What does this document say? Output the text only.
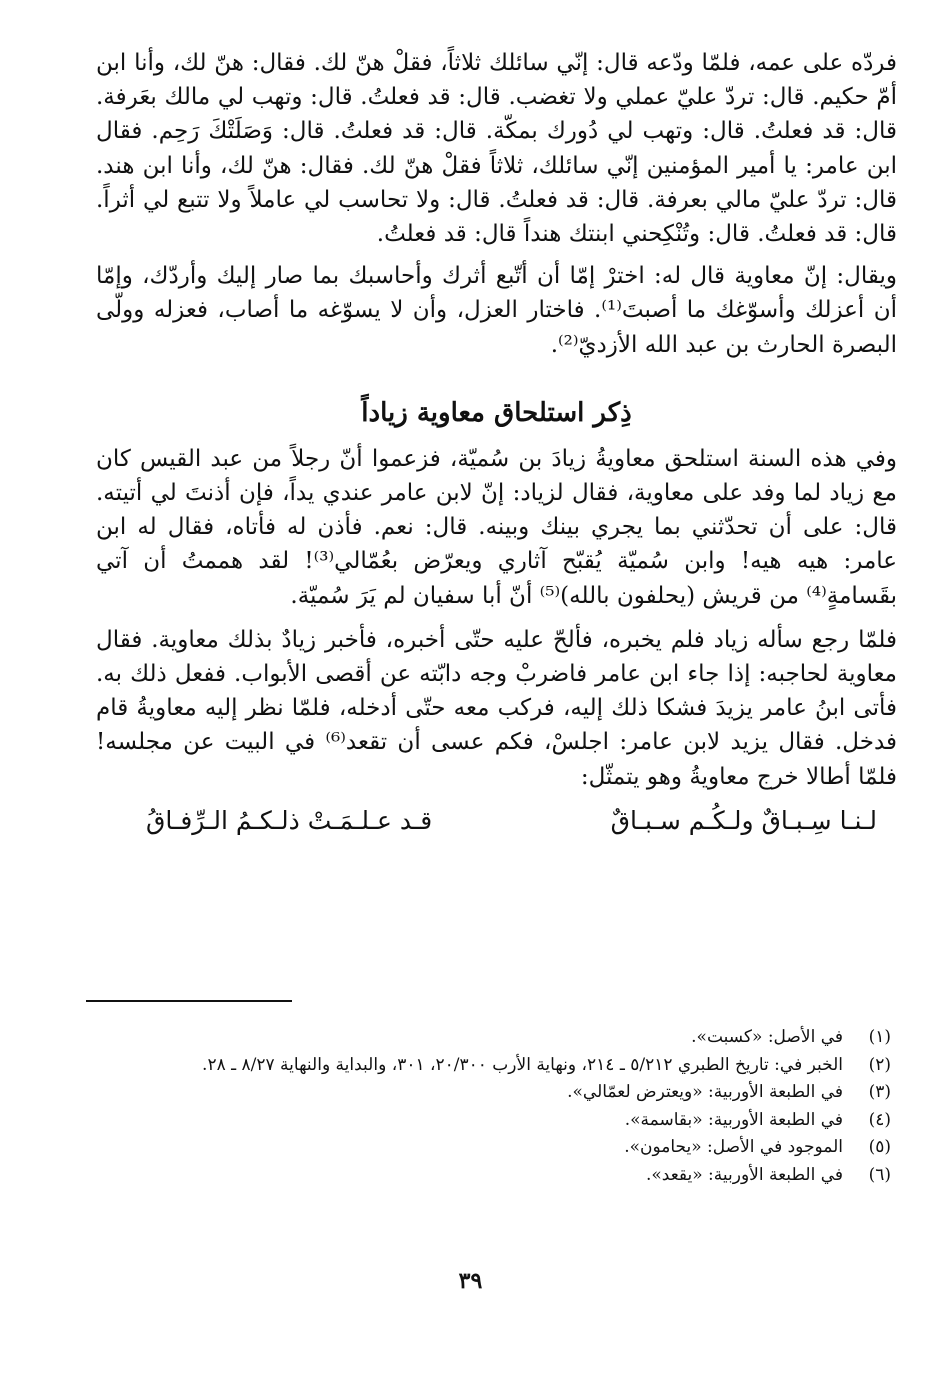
فردّه على عمه، فلمّا ودّعه قال: إنّي سائلك ثلاثاً، فقلْ هنّ لك. فقال: هنّ لك، وأنا ابن أمّ حكيم. قال: تردّ عليّ عملي ولا تغضب. قال: قد فعلتُ. قال: وتهب لي مالك بعَرفة. قال: قد فعلتُ. قال: وتهب لي دُورك بمكّة. قال: قد فعلتُ. قال: وَصَلَتْكَ رَحِم. فقال ابن عامر: يا أمير المؤمنين إنّي سائلك، ثلاثاً فقلْ هنّ لك. فقال: هنّ لك، وأنا ابن هند. قال: تردّ عليّ مالي بعرفة. قال: قد فعلتُ. قال: ولا تحاسب لي عاملاً ولا تتبع لي أثراً. قال: قد فعلتُ. قال: وتُنْكِحني ابنتك هنداً قال: قد فعلتُ.

ويقال: إنّ معاوية قال له: اخترْ إمّا أن أتّبع أثرك وأحاسبك بما صار إليك وأردّك، وإمّا أن أعزلك وأسوّغك ما أصبتَ⁽¹⁾. فاختار العزل، وأن لا يسوّغه ما أصاب، فعزله وولّى البصرة الحارث بن عبد الله الأزديّ⁽²⁾.

ذِكر استلحاق معاوية زياداً

وفي هذه السنة استلحق معاويةُ زيادَ بن سُميّة، فزعموا أنّ رجلاً من عبد القيس كان مع زياد لما وفد على معاوية، فقال لزياد: إنّ لابن عامر عندي يداً، فإن أذنتَ لي أتيته. قال: على أن تحدّثني بما يجري بينك وبينه. قال: نعم. فأذن له فأتاه، فقال له ابن عامر: هيه هيه! وابن سُميّة يُقبّح آثاري ويعرّض بعُمّالي⁽³⁾! لقد هممتُ أن آتي بقَسامةٍ⁽⁴⁾ من قريش (يحلفون بالله)⁽⁵⁾ أنّ أبا سفيان لم يَرَ سُميّة.

فلمّا رجع سأله زياد فلم يخبره، فألحّ عليه حتّى أخبره، فأخبر زيادٌ بذلك معاوية. فقال معاوية لحاجبه: إذا جاء ابن عامر فاضربْ وجه دابّته عن أقصى الأبواب. ففعل ذلك به. فأتى ابنُ عامر يزيدَ فشكا ذلك إليه، فركب معه حتّى أدخله، فلمّا نظر إليه معاويةُ قام فدخل. فقال يزيد لابن عامر: اجلسْ، فكم عسى أن تقعد⁽⁶⁾ في البيت عن مجلسه! فلمّا أطالا خرج معاويةُ وهو يتمثّل:

لـنـا سِـبـاقٌ ولـكُـم سـبـاقٌ
قـد عـلـمَـتْ ذلـكـمُ الـرِّفـاقُ
(١)
في الأصل: «كسبت».
(٢)
الخبر في: تاريخ الطبري ٥/٢١٢ ـ ٢١٤، ونهاية الأرب ٢٠/٣٠٠، ٣٠١، والبداية والنهاية ٨/٢٧ ـ ٢٨.
(٣)
في الطبعة الأوربية: «ويعترض لعمّالي».
(٤)
في الطبعة الأوربية: «بقاسمة».
(٥)
الموجود في الأصل: «يحامون».
(٦)
في الطبعة الأوربية: «يقعد».
٣٩
